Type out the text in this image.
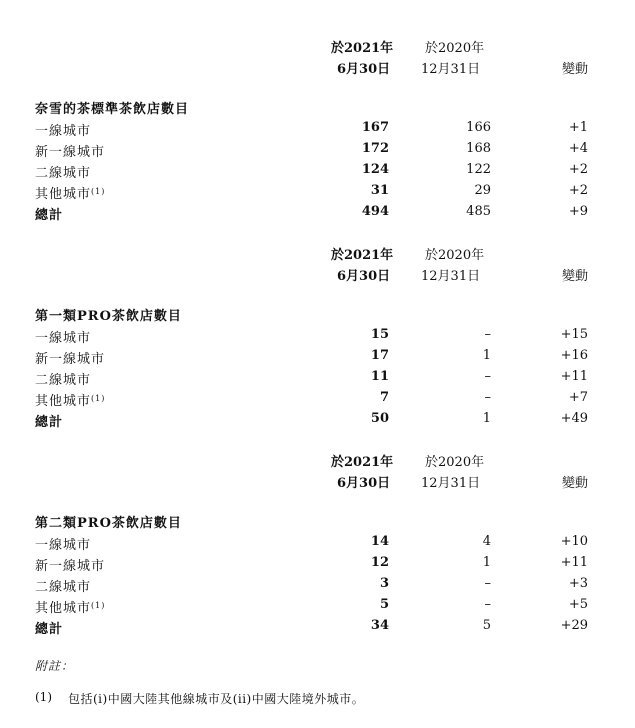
於2021年
6月30日
於2020年
12月31日	變動
奈雪的茶標準茶飲店數目
一線城市	167	166	+1
新一線城市	172	168	+4
二線城市	124	122	+2
其他城市$^{(1)}$	31	29	+2
總計	494	485	+9
於2021年
6月30日
於2020年
12月31日	變動
第一類PRO茶飲店數目
一線城市	15	–	+15
新一線城市	17	1	+16
二線城市	11	–	+11
其他城市$^{(1)}$	7	–	+7
總計	50	1	+49
於2021年
6月30日
於2020年
12月31日	變動
第二類PRO茶飲店數目
一線城市	14	4	+10
新一線城市	12	1	+11
二線城市	3	–	+3
其他城市$^{(1)}$	5	–	+5
總計	34	5	+29
附註：
(1) 包括(i)中國大陸其他線城市及(ii)中國大陸境外城市。
